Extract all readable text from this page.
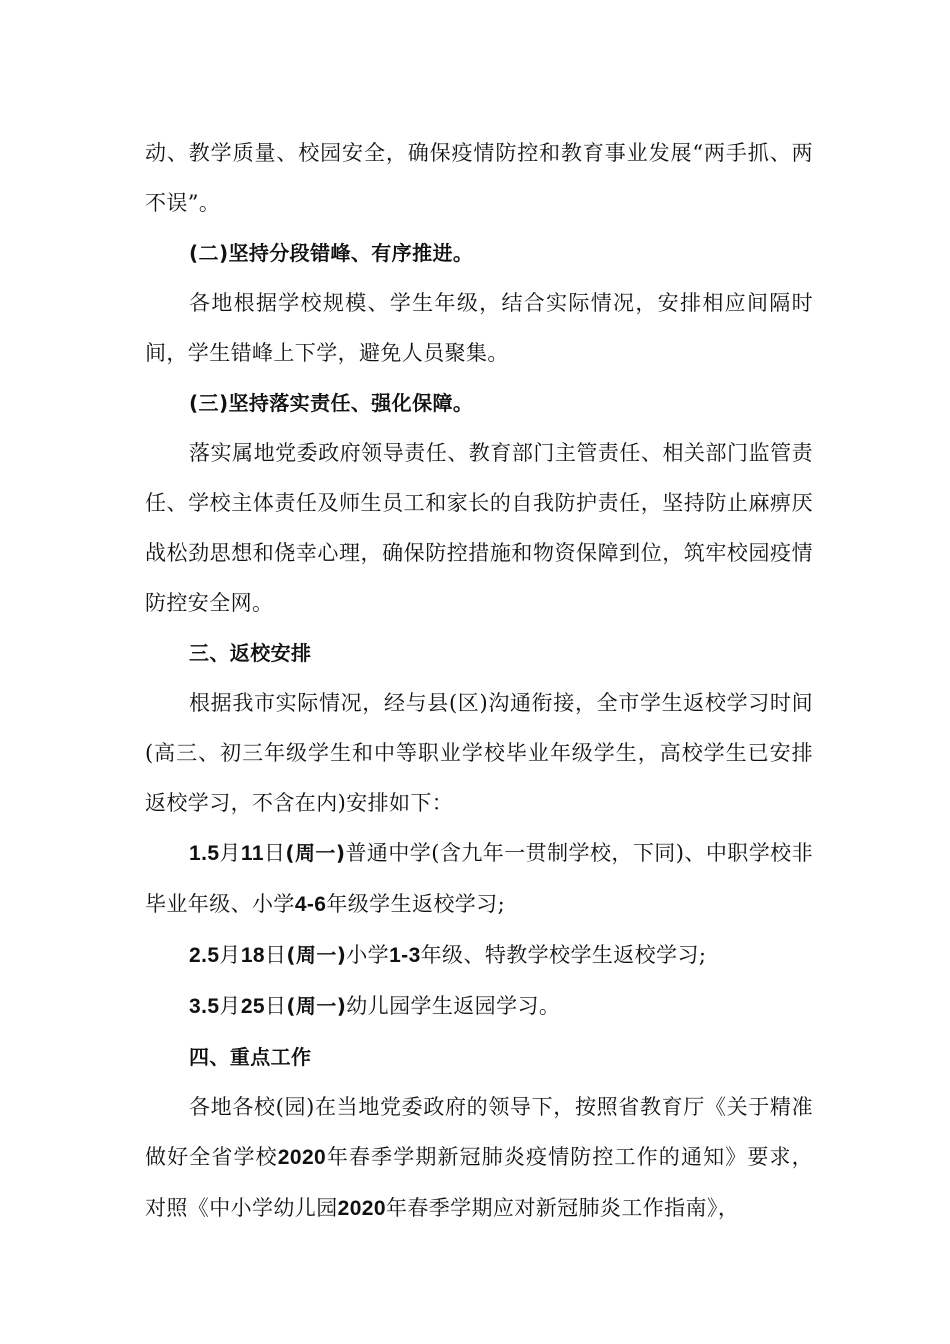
动、教学质量、校园安全，确保疫情防控和教育事业发展“两手抓、两不误”。

(二)坚持分段错峰、有序推进。

各地根据学校规模、学生年级，结合实际情况，安排相应间隔时间，学生错峰上下学，避免人员聚集。

(三)坚持落实责任、强化保障。

落实属地党委政府领导责任、教育部门主管责任、相关部门监管责任、学校主体责任及师生员工和家长的自我防护责任，坚持防止麻痹厌战松劲思想和侥幸心理，确保防控措施和物资保障到位，筑牢校园疫情防控安全网。

三、返校安排

根据我市实际情况，经与县(区)沟通衔接，全市学生返校学习时间(高三、初三年级学生和中等职业学校毕业年级学生，高校学生已安排返校学习，不含在内)安排如下：

1.5月11日(周一)普通中学(含九年一贯制学校，下同)、中职学校非毕业年级、小学4-6年级学生返校学习;

2.5月18日(周一)小学1-3年级、特教学校学生返校学习;

3.5月25日(周一)幼儿园学生返园学习。

四、重点工作

各地各校(园)在当地党委政府的领导下，按照省教育厅《关于精准做好全省学校2020年春季学期新冠肺炎疫情防控工作的通知》要求，对照《中小学幼儿园2020年春季学期应对新冠肺炎工作指南》，
